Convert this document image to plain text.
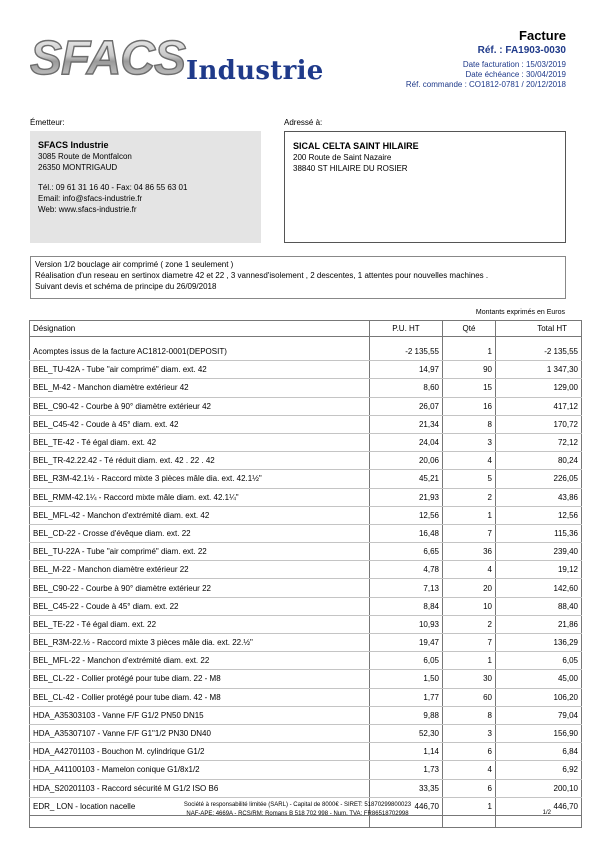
SFACS Industrie
Facture
Réf. : FA1903-0030
Date facturation : 15/03/2019
Date échéance : 30/04/2019
Réf. commande : CO1812-0781 / 20/12/2018
Émetteur:	Adressé à:
SFACS Industrie
3085 Route de Montfalcon
26350 MONTRIGAUD
Tél.: 09 61 31 16 40 - Fax: 04 86 55 63 01
Email: info@sfacs-industrie.fr
Web: www.sfacs-industrie.fr
SICAL CELTA SAINT HILAIRE
200 Route de Saint Nazaire
38840 ST HILAIRE DU ROSIER
Version 1/2 bouclage air comprimé ( zone 1 seulement )
Réalisation d'un reseau en sertinox diametre 42 et 22 , 3 vannesd'isolement , 2 descentes, 1 attentes pour nouvelles machines .
Suivant devis et schéma de principe du 26/09/2018
Montants exprimés en Euros
Désignation	P.U. HT	Qté	Total HT

Acomptes issus de la facture AC1812-0001(DEPOSIT)	-2 135,55	1	-2 135,55
BEL_TU-42A - Tube "air comprimé" diam. ext. 42	14,97	90	1 347,30
BEL_M-42 - Manchon diamètre extérieur 42	8,60	15	129,00
BEL_C90-42 - Courbe à 90° diamètre extérieur 42	26,07	16	417,12
BEL_C45-42 - Coude à 45° diam. ext. 42	21,34	8	170,72
BEL_TE-42 - Té égal diam. ext. 42	24,04	3	72,12
BEL_TR-42.22.42 - Té réduit diam. ext. 42 . 22 . 42	20,06	4	80,24
BEL_R3M-42.1½ - Raccord mixte 3 pièces mâle dia. ext. 42.1½"	45,21	5	226,05
BEL_RMM-42.1¼ - Raccord mixte mâle diam. ext. 42.1¼"	21,93	2	43,86
BEL_MFL-42 - Manchon d'extrémité diam. ext. 42	12,56	1	12,56
BEL_CD-22 - Crosse d'évêque diam. ext. 22	16,48	7	115,36
BEL_TU-22A - Tube "air comprimé" diam. ext. 22	6,65	36	239,40
BEL_M-22 - Manchon diamètre extérieur 22	4,78	4	19,12
BEL_C90-22 - Courbe à 90° diamètre extérieur 22	7,13	20	142,60
BEL_C45-22 - Coude à 45° diam. ext. 22	8,84	10	88,40
BEL_TE-22 - Té égal diam. ext. 22	10,93	2	21,86
BEL_R3M-22.½ - Raccord mixte 3 pièces mâle dia. ext. 22.½"	19,47	7	136,29
BEL_MFL-22 - Manchon d'extrémité diam. ext. 22	6,05	1	6,05
BEL_CL-22 - Collier protégé pour tube diam. 22 - M8	1,50	30	45,00
BEL_CL-42 - Collier protégé pour tube diam. 42 - M8	1,77	60	106,20
HDA_A35303103 - Vanne F/F G1/2 PN50 DN15	9,88	8	79,04
HDA_A35307107 - Vanne F/F G1"1/2 PN30 DN40	52,30	3	156,90
HDA_A42701103 - Bouchon M. cylindrique G1/2	1,14	6	6,84
HDA_A41100103 - Mamelon conique G1/8x1/2	1,73	4	6,92
HDA_S20201103 - Raccord sécurité M G1/2 ISO B6	33,35	6	200,10
EDR_ LON - location nacelle	446,70	1	446,70

Société à responsabilité limitée (SARL) - Capital de 8000€ - SIRET: 51870299800023
NAF-APE: 4669A - RCS/RM: Romans B 518 702 998 - Num. TVA: FR86518702998	1/2
